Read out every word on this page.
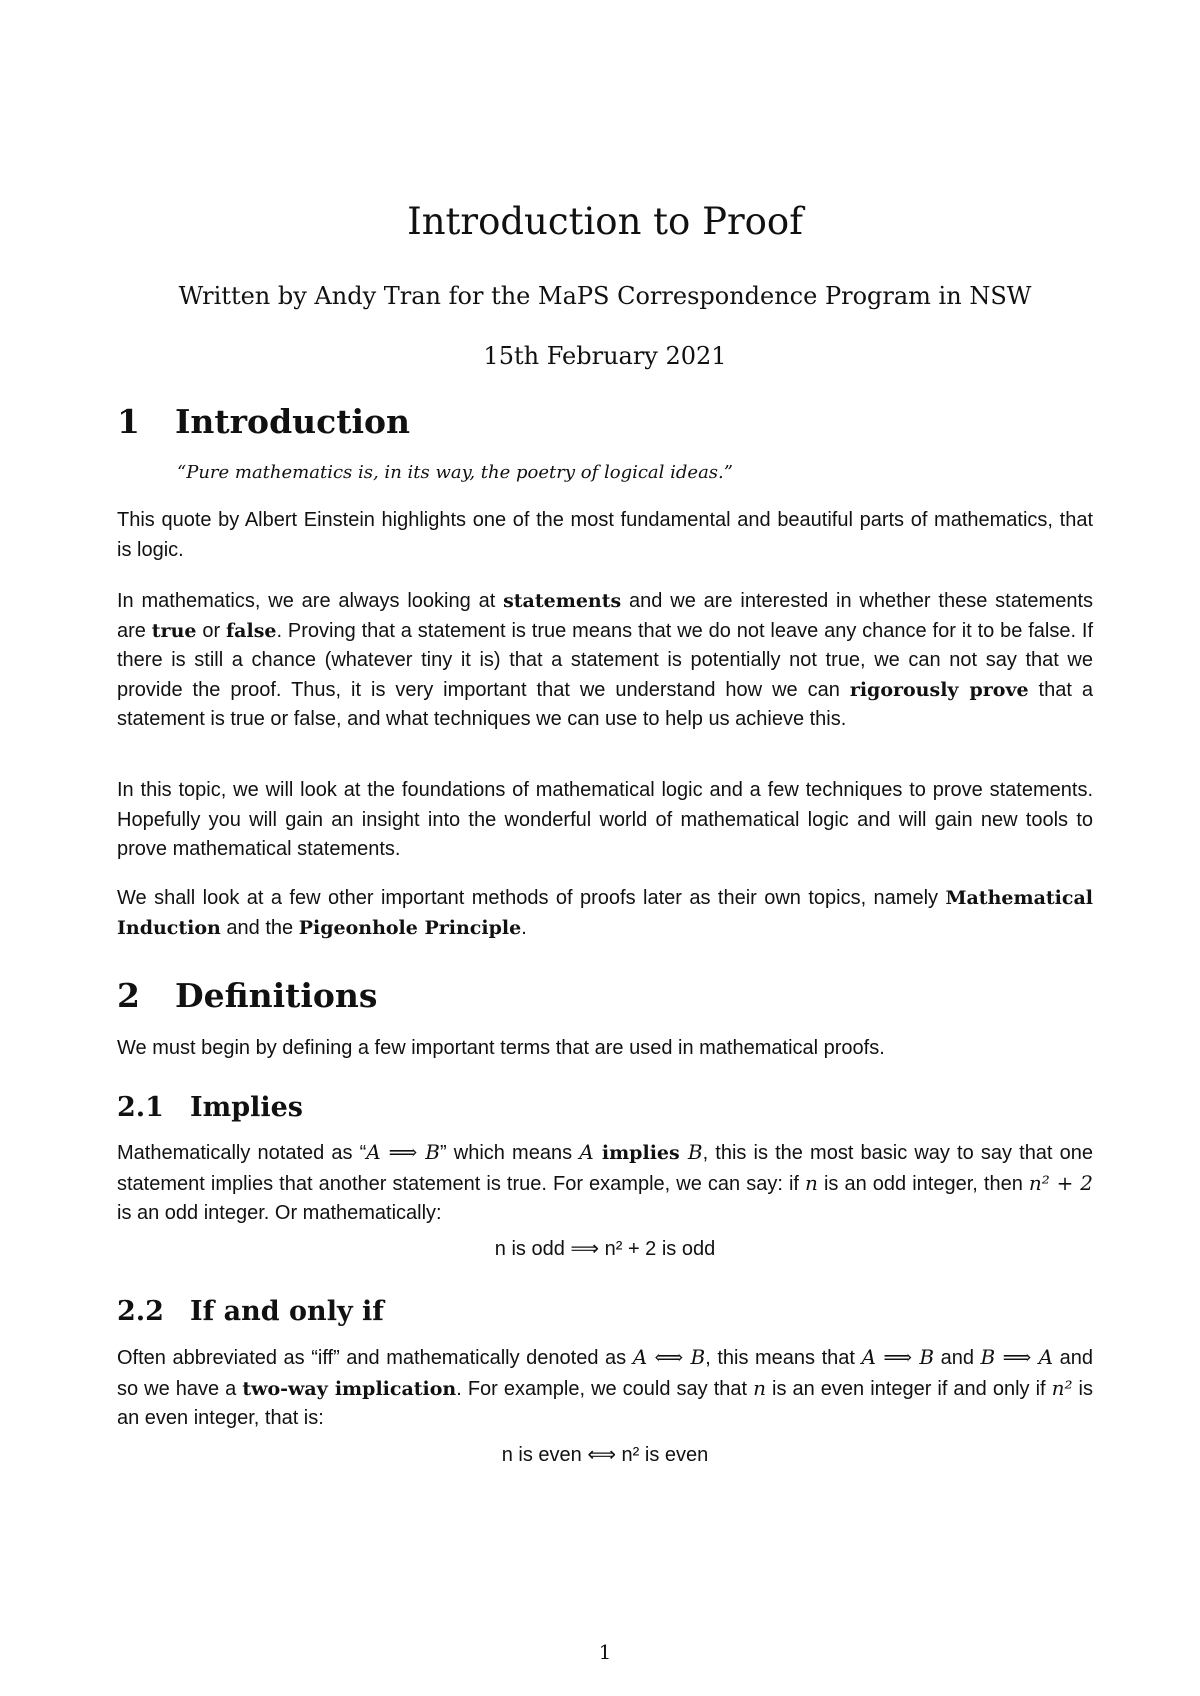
Introduction to Proof
Written by Andy Tran for the MaPS Correspondence Program in NSW
15th February 2021
1 Introduction

“Pure mathematics is, in its way, the poetry of logical ideas.”

This quote by Albert Einstein highlights one of the most fundamental and beautiful parts of mathematics, that is logic.

In mathematics, we are always looking at statements and we are interested in whether these statements are true or false. Proving that a statement is true means that we do not leave any chance for it to be false. If there is still a chance (whatever tiny it is) that a statement is potentially not true, we can not say that we provide the proof. Thus, it is very important that we understand how we can rigorously prove that a statement is true or false, and what techniques we can use to help us achieve this.

In this topic, we will look at the foundations of mathematical logic and a few techniques to prove statements. Hopefully you will gain an insight into the wonderful world of mathematical logic and will gain new tools to prove mathematical statements.

We shall look at a few other important methods of proofs later as their own topics, namely Mathematical Induction and the Pigeonhole Principle.

2 Definitions

We must begin by defining a few important terms that are used in mathematical proofs.

2.1 Implies

Mathematically notated as “A ⟹ B” which means A implies B, this is the most basic way to say that one statement implies that another statement is true. For example, we can say: if n is an odd integer, then n² + 2 is an odd integer. Or mathematically:

n is odd ⟹ n² + 2 is odd
2.2 If and only if

Often abbreviated as “iff” and mathematically denoted as A ⟺ B, this means that A ⟹ B and B ⟹ A and so we have a two-way implication. For example, we could say that n is an even integer if and only if n² is an even integer, that is:

n is even ⟺ n² is even
1
